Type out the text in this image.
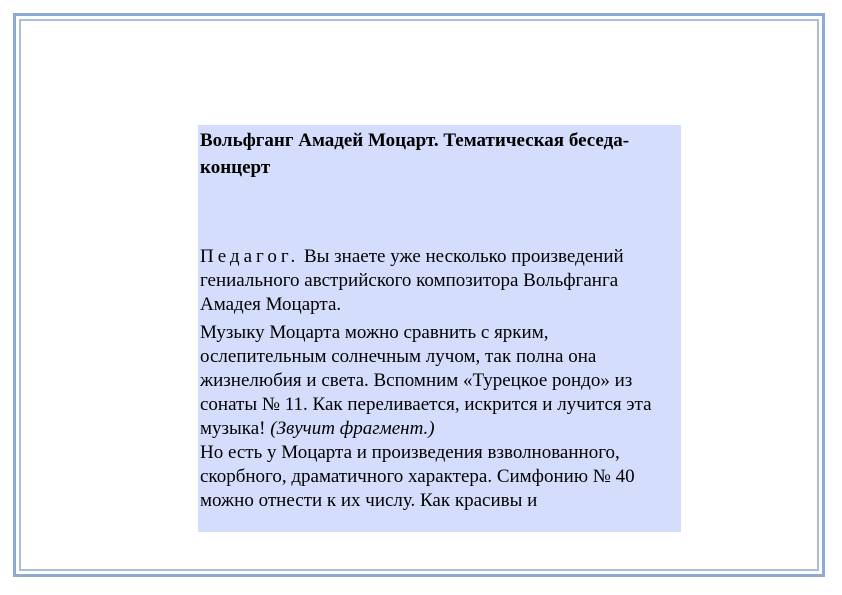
Вольфганг Амадей Моцарт. Тематическая беседа-концерт

Педагог. Вы знаете уже несколько произведений гениального австрийского композитора Вольфганга Амадея Моцарта.

Музыку Моцарта можно сравнить с ярким, ослепительным солнечным лучом, так полна она жизнелюбия и света. Вспомним «Турецкое рондо» из сонаты № 11. Как переливается, искрится и лучится эта музыка! (Звучит фрагмент.)

Но есть у Моцарта и произведения взволнованного, скорбного, драматичного характера. Симфонию № 40 можно отнести к их числу. Как красивы и
